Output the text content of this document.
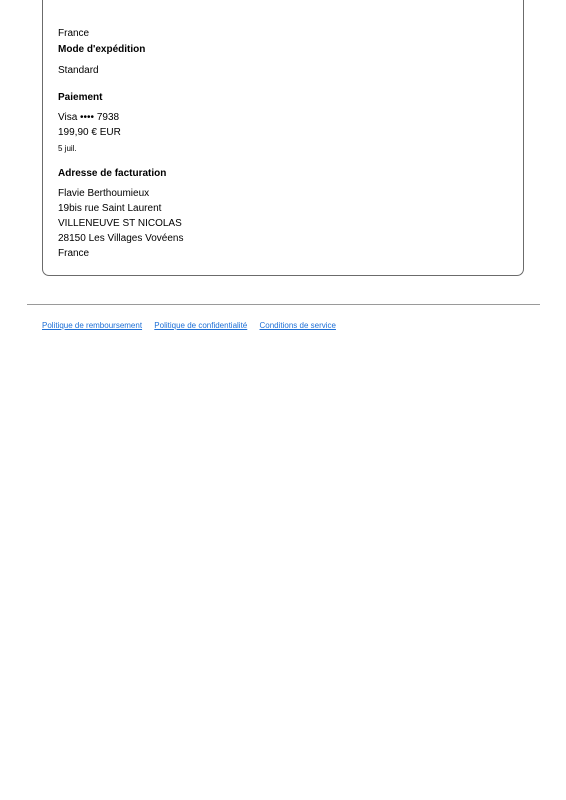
France
Mode d'expédition
Standard
Paiement
Visa •••• 7938
199,90 € EUR
5 juil.
Adresse de facturation
Flavie Berthoumieux
19bis rue Saint Laurent
VILLENEUVE ST NICOLAS
28150 Les Villages Vovéens
France
Politique de remboursement Politique de confidentialité Conditions de service
